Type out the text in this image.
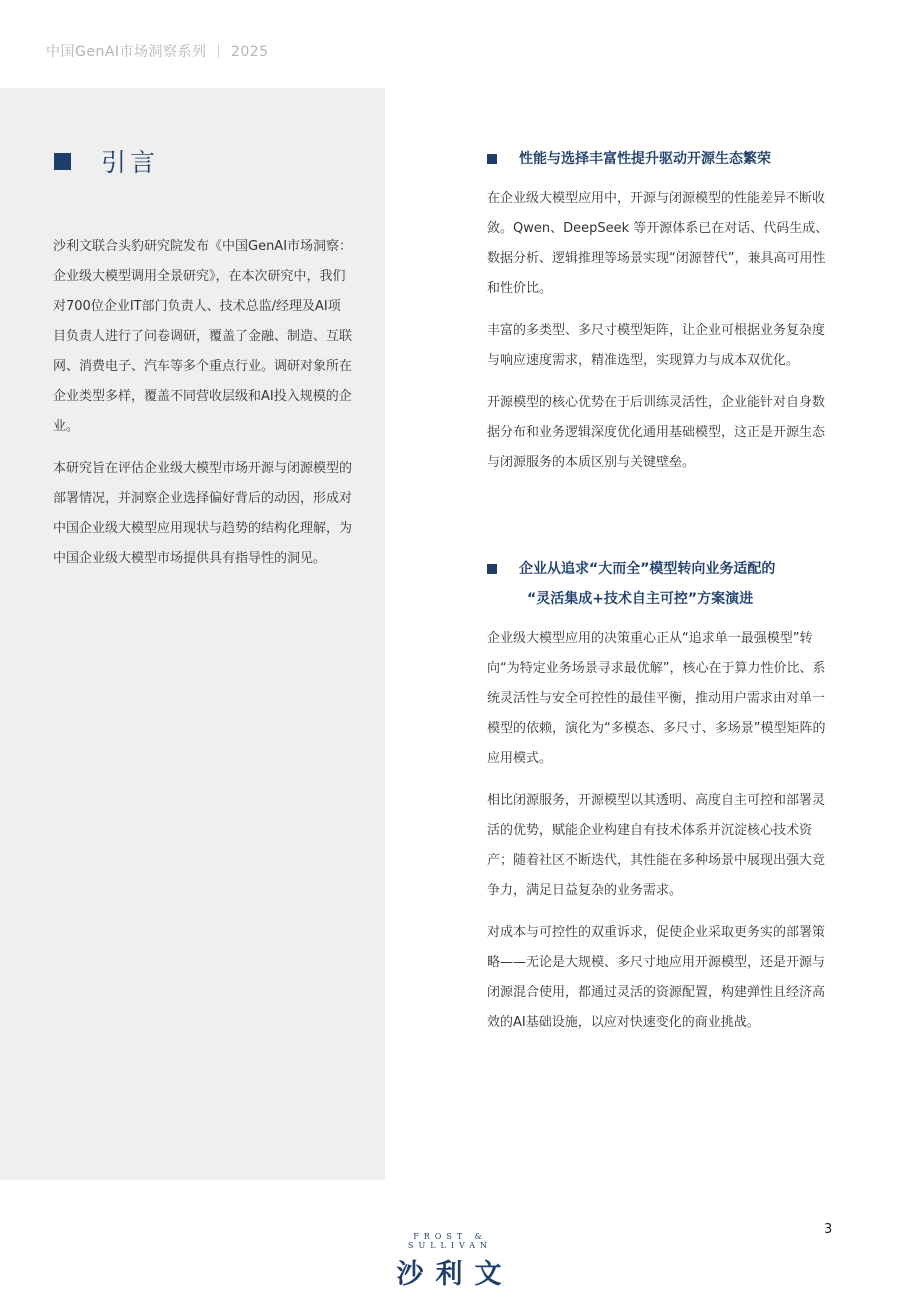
中国GenAI市场洞察系列 ｜ 2025
引言

沙利文联合头豹研究院发布《中国GenAI市场洞察：企业级大模型调用全景研究》，在本次研究中，我们对700位企业IT部门负责人、技术总监/经理及AI项目负责人进行了问卷调研，覆盖了金融、制造、互联网、消费电子、汽车等多个重点行业。调研对象所在企业类型多样，覆盖不同营收层级和AI投入规模的企业。

本研究旨在评估企业级大模型市场开源与闭源模型的部署情况，并洞察企业选择偏好背后的动因，形成对中国企业级大模型应用现状与趋势的结构化理解，为中国企业级大模型市场提供具有指导性的洞见。

性能与选择丰富性提升驱动开源生态繁荣

在企业级大模型应用中，开源与闭源模型的性能差异不断收敛。Qwen、DeepSeek 等开源体系已在对话、代码生成、数据分析、逻辑推理等场景实现“闭源替代”，兼具高可用性和性价比。

丰富的多类型、多尺寸模型矩阵，让企业可根据业务复杂度与响应速度需求，精准选型，实现算力与成本双优化。

开源模型的核心优势在于后训练灵活性，企业能针对自身数据分布和业务逻辑深度优化通用基础模型，这正是开源生态与闭源服务的本质区别与关键壁垒。

企业从追求“大而全”模型转向业务适配的
“灵活集成+技术自主可控”方案演进

企业级大模型应用的决策重心正从“追求单一最强模型”转向“为特定业务场景寻求最优解”，核心在于算力性价比、系统灵活性与安全可控性的最佳平衡，推动用户需求由对单一模型的依赖，演化为“多模态、多尺寸、多场景”模型矩阵的应用模式。

相比闭源服务，开源模型以其透明、高度自主可控和部署灵活的优势，赋能企业构建自有技术体系并沉淀核心技术资产；随着社区不断迭代，其性能在多种场景中展现出强大竞争力，满足日益复杂的业务需求。

对成本与可控性的双重诉求，促使企业采取更务实的部署策略——无论是大规模、多尺寸地应用开源模型，还是开源与闭源混合使用，都通过灵活的资源配置，构建弹性且经济高效的AI基础设施，以应对快速变化的商业挑战。

FROST & SULLIVAN
沙利文
3
